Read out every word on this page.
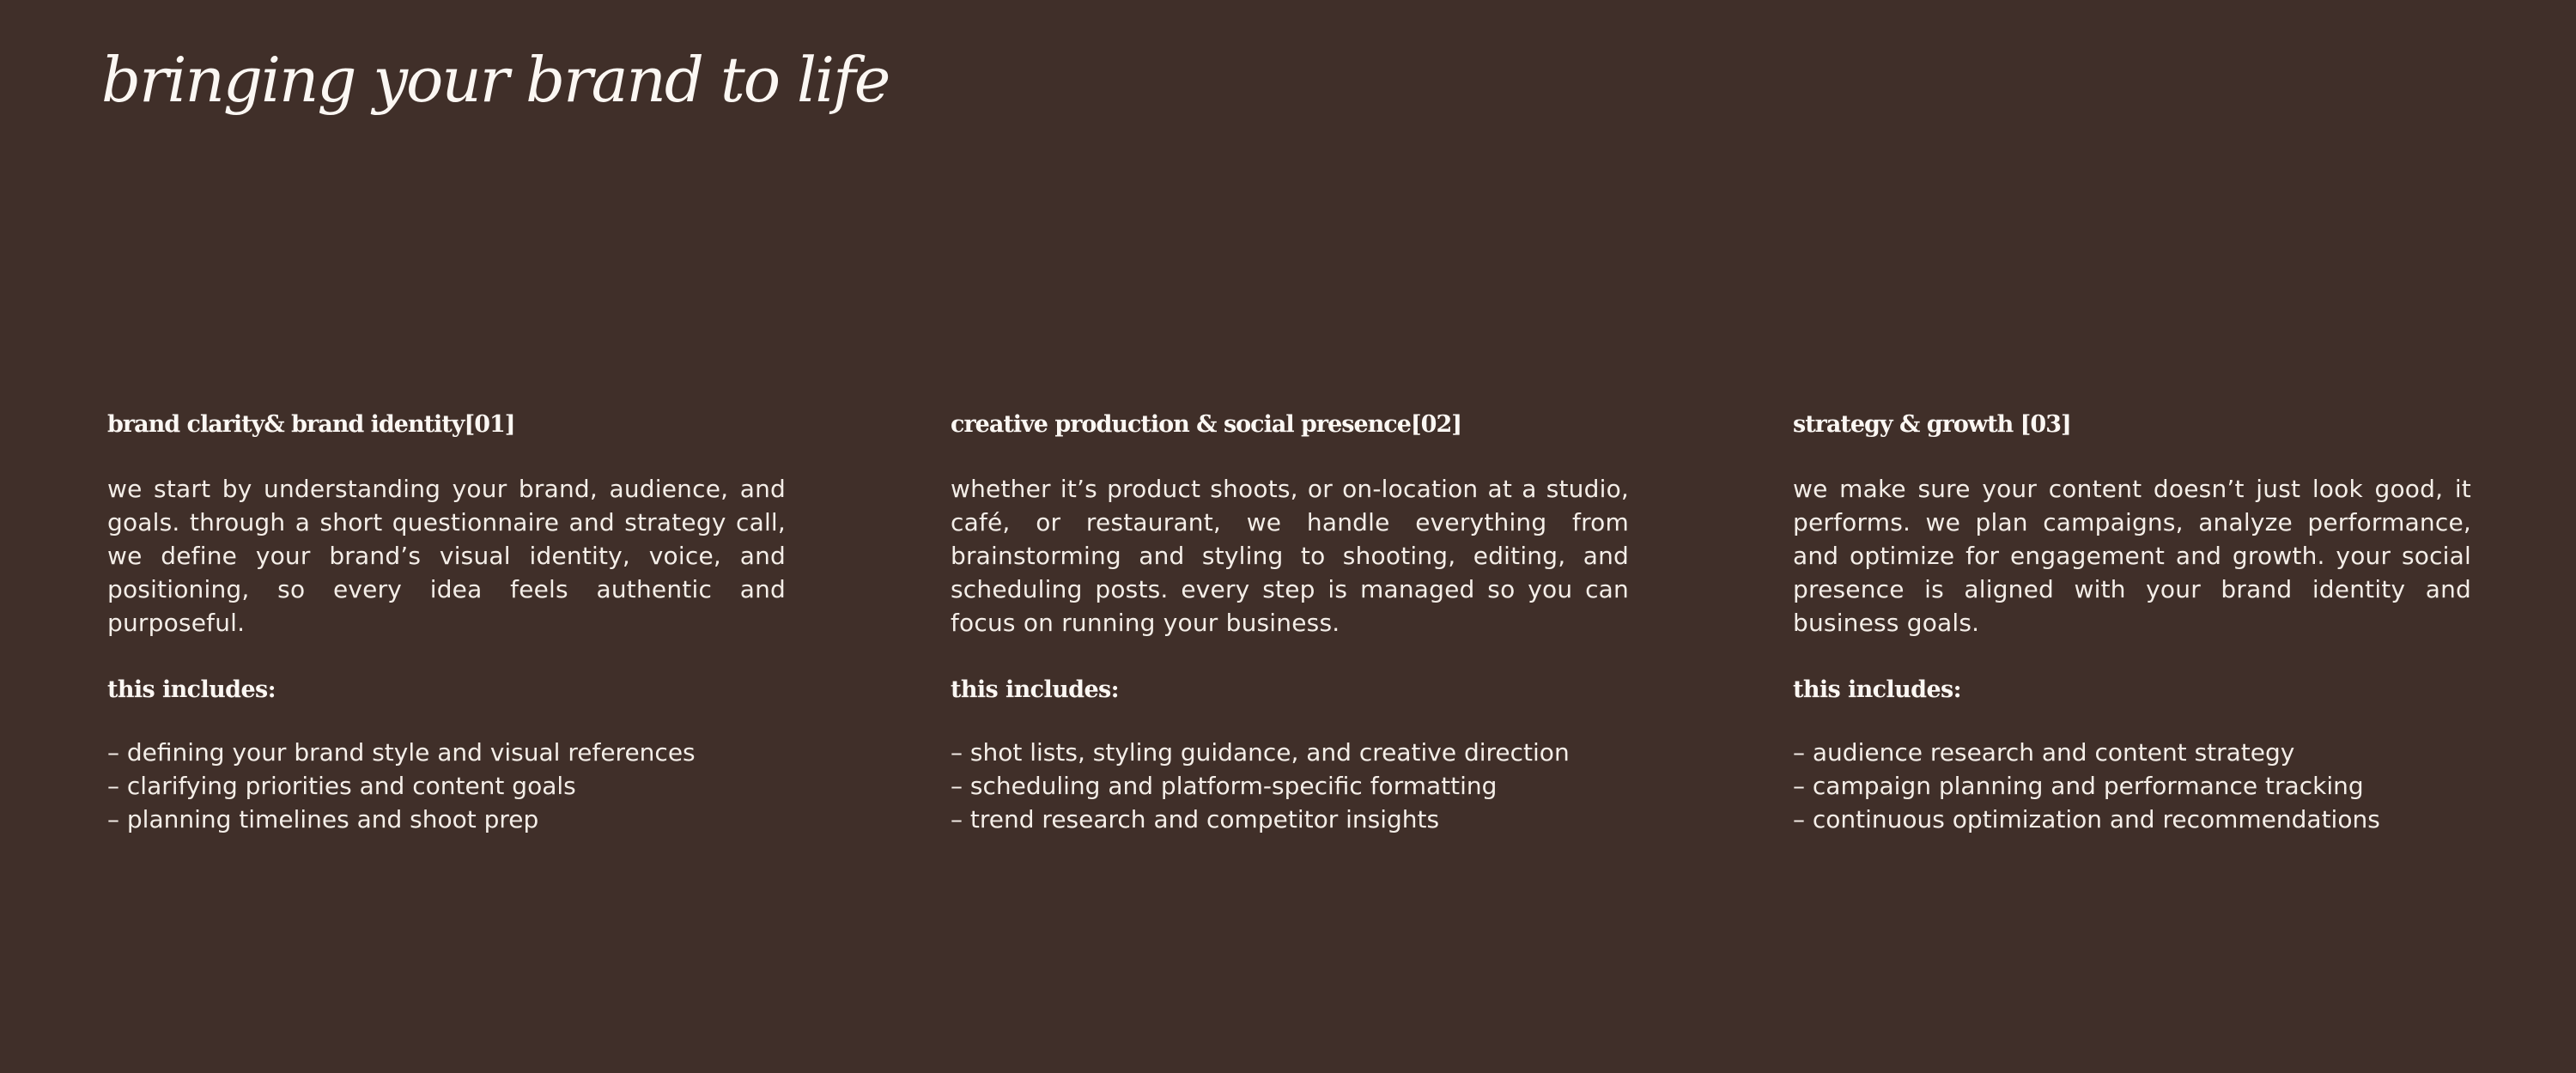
bringing your brand to life
brand clarity& brand identity[01]

we start by understanding your brand, audience, and goals. through a short questionnaire and strategy call, we define your brand’s visual identity, voice, and positioning, so every idea feels authentic and purposeful.

this includes:
– defining your brand style and visual references
– clarifying priorities and content goals
– planning timelines and shoot prep
creative production & social presence[02]

whether it’s product shoots, or on-location at a studio, café, or restaurant, we handle everything from brainstorming and styling to shooting, editing, and scheduling posts. every step is managed so you can focus on running your business.

this includes:
– shot lists, styling guidance, and creative direction
– scheduling and platform-specific formatting
– trend research and competitor insights
strategy & growth [03]

we make sure your content doesn’t just look good, it performs. we plan campaigns, analyze performance, and optimize for engagement and growth. your social presence is aligned with your brand identity and business goals.

this includes:
– audience research and content strategy
– campaign planning and performance tracking
– continuous optimization and recommendations
